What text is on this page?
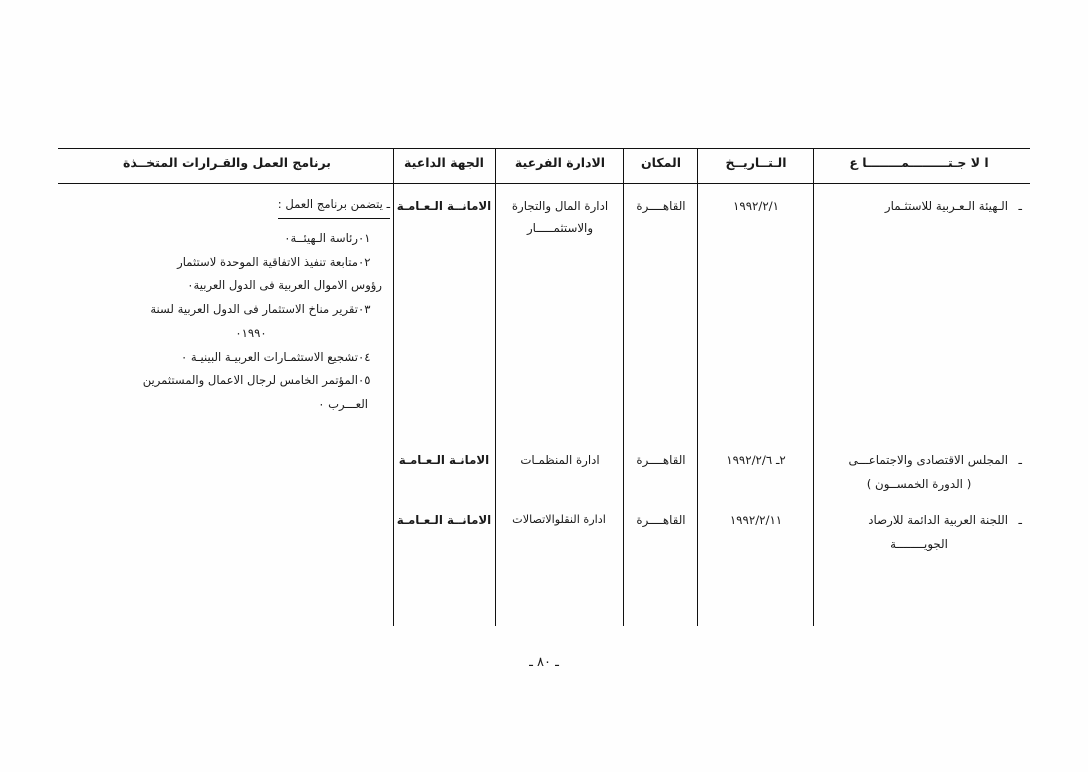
ا لا جـتـــــــــمــــــــا ع
الـتــاريــخ
المكان
الادارة الفرعية
الجهة الداعية
برنامج العمل والقـرارات المتخــذة
ـالـهيئة الـعـربية للاستثـمار
١٩٩٢/٢/١
القاهــــرة
ادارة المال والتجارة
والاستثمـــــار
الامانــة الـعـامـة
ـ يتضمن برنامج العمل :
٠١رئاسة الـهيئــة٠
٠٢متابعة تنفيذ الاتفاقية الموحدة لاستثمار
رؤوس الاموال العربية فى الدول العربية٠
٠٣تقرير مناخ الاستثمار فى الدول العربية لسنة
٠١٩٩٠
٠٤تشجيع الاستثمـارات العربيـة البينيـة ٠
٠٥المؤتمر الخامس لرجال الاعمال والمستثمرين
العـــرب ٠
ـالمجلس الاقتصادى والاجتماعـــى
( الدورة الخمســون )
٢ـ ١٩٩٢/٢/٦
القاهــــرة
ادارة المنظمـات
الامانـة الـعـامـة
ـاللجنة العربية الدائمة للارصاد
الجويــــــــة
١٩٩٢/٢/١١
القاهــــرة
ادارة النقلوالاتصالات
الامانــة الـعـامـة
ـ ٨٠ ـ
